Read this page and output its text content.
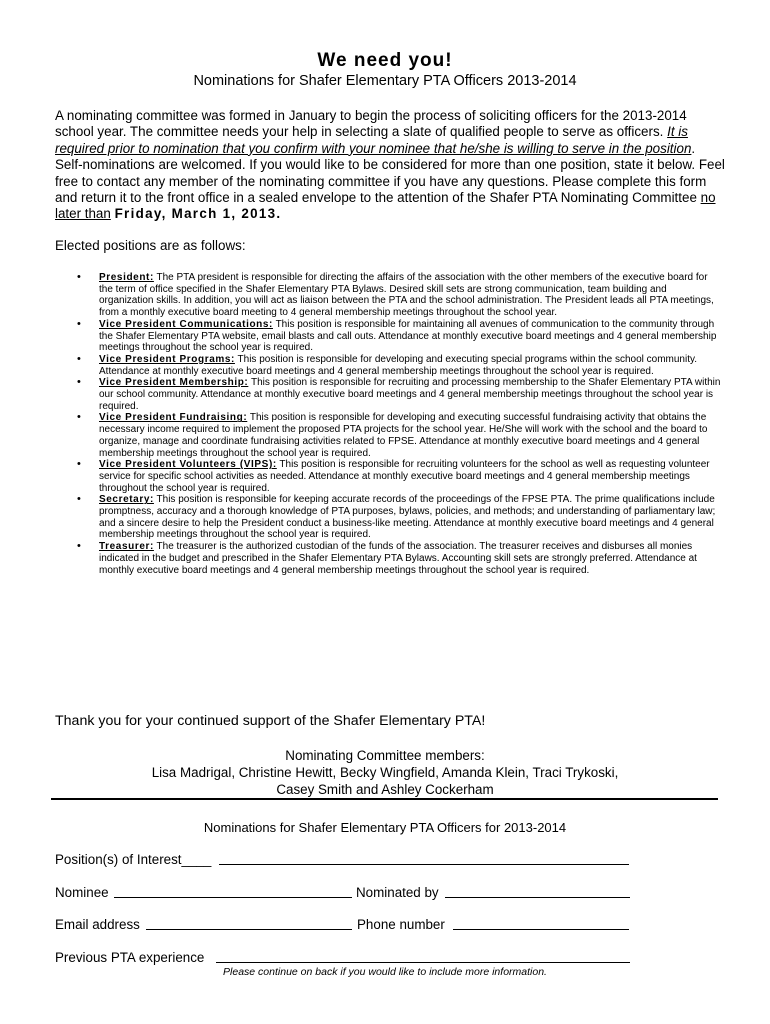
We need you!
Nominations for Shafer Elementary PTA Officers 2013-2014
A nominating committee was formed in January to begin the process of soliciting officers for the 2013-2014 school year. The committee needs your help in selecting a slate of qualified people to serve as officers. It is required prior to nomination that you confirm with your nominee that he/she is willing to serve in the position. Self-nominations are welcomed. If you would like to be considered for more than one position, state it below. Feel free to contact any member of the nominating committee if you have any questions. Please complete this form and return it to the front office in a sealed envelope to the attention of the Shafer PTA Nominating Committee no later than Friday, March 1, 2013.
Elected positions are as follows:
• President: The PTA president is responsible for directing the affairs of the association with the other members of the executive board for the term of office specified in the Shafer Elementary PTA Bylaws. Desired skill sets are strong communication, team building and organization skills. In addition, you will act as liaison between the PTA and the school administration. The President leads all PTA meetings, from a monthly executive board meeting to 4 general membership meetings throughout the school year.
• Vice President Communications: This position is responsible for maintaining all avenues of communication to the community through the Shafer Elementary PTA website, email blasts and call outs. Attendance at monthly executive board meetings and 4 general membership meetings throughout the school year is required.
• Vice President Programs: This position is responsible for developing and executing special programs within the school community. Attendance at monthly executive board meetings and 4 general membership meetings throughout the school year is required.
• Vice President Membership: This position is responsible for recruiting and processing membership to the Shafer Elementary PTA within our school community. Attendance at monthly executive board meetings and 4 general membership meetings throughout the school year is required.
• Vice President Fundraising: This position is responsible for developing and executing successful fundraising activity that obtains the necessary income required to implement the proposed PTA projects for the school year. He/She will work with the school and the board to organize, manage and coordinate fundraising activities related to FPSE. Attendance at monthly executive board meetings and 4 general membership meetings throughout the school year is required.
• Vice President Volunteers (VIPS): This position is responsible for recruiting volunteers for the school as well as requesting volunteer service for specific school activities as needed. Attendance at monthly executive board meetings and 4 general membership meetings throughout the school year is required.
• Secretary: This position is responsible for keeping accurate records of the proceedings of the FPSE PTA. The prime qualifications include promptness, accuracy and a thorough knowledge of PTA purposes, bylaws, policies, and methods; and understanding of parliamentary law; and a sincere desire to help the President conduct a business-like meeting. Attendance at monthly executive board meetings and 4 general membership meetings throughout the school year is required.
• Treasurer: The treasurer is the authorized custodian of the funds of the association. The treasurer receives and disburses all monies indicated in the budget and prescribed in the Shafer Elementary PTA Bylaws. Accounting skill sets are strongly preferred. Attendance at monthly executive board meetings and 4 general membership meetings throughout the school year is required.
Thank you for your continued support of the Shafer Elementary PTA!
Nominating Committee members:
Lisa Madrigal, Christine Hewitt, Becky Wingfield, Amanda Klein, Traci Trykoski,
Casey Smith and Ashley Cockerham
Nominations for Shafer Elementary PTA Officers for 2013-2014
Position(s) of Interest____
Nominee	Nominated by
Email address	Phone number
Previous PTA experience
Please continue on back if you would like to include more information.
